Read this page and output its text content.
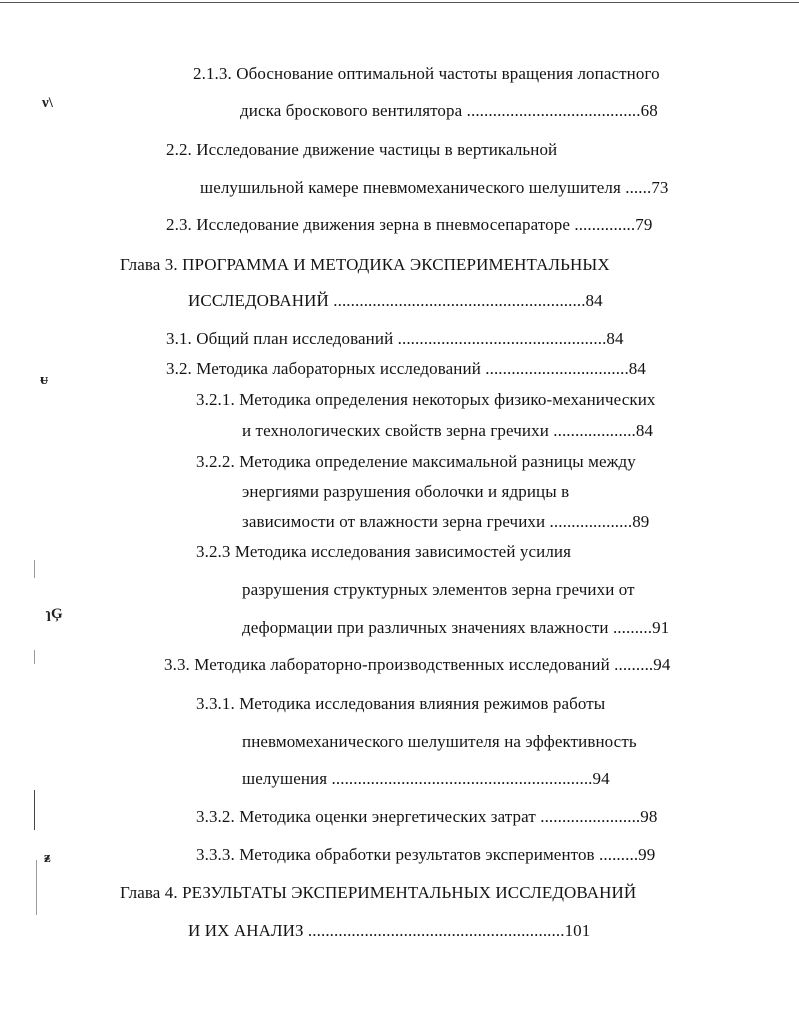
ν\
ᵾ
ɿĢ
ᵶ
2.1.3. Обоснование оптимальной частоты вращения лопастного
диска броскового вентилятора ........................................68
2.2. Исследование движение частицы в вертикальной
шелушильной камере пневмомеханического шелушителя ......73
2.3. Исследование движения зерна в пневмосепараторе ..............79
Глава 3. ПРОГРАММА И МЕТОДИКА ЭКСПЕРИМЕНТАЛЬНЫХ
ИССЛЕДОВАНИЙ ..........................................................84
3.1. Общий план исследований ................................................84
3.2. Методика лабораторных исследований .................................84
3.2.1. Методика определения некоторых физико-механических
и технологических свойств зерна гречихи ...................84
3.2.2. Методика определение максимальной разницы между
энергиями разрушения оболочки и ядрицы в
зависимости от влажности зерна гречихи ...................89
3.2.3 Методика исследования зависимостей усилия
разрушения структурных элементов зерна гречихи от
деформации при различных значениях влажности .........91
3.3. Методика лабораторно-производственных исследований .........94
3.3.1. Методика исследования влияния режимов работы
пневмомеханического шелушителя на эффективность
шелушения ............................................................94
3.3.2. Методика оценки энергетических затрат .......................98
3.3.3. Методика обработки результатов экспериментов .........99
Глава 4. РЕЗУЛЬТАТЫ ЭКСПЕРИМЕНТАЛЬНЫХ ИССЛЕДОВАНИЙ
И ИХ АНАЛИЗ ...........................................................101
